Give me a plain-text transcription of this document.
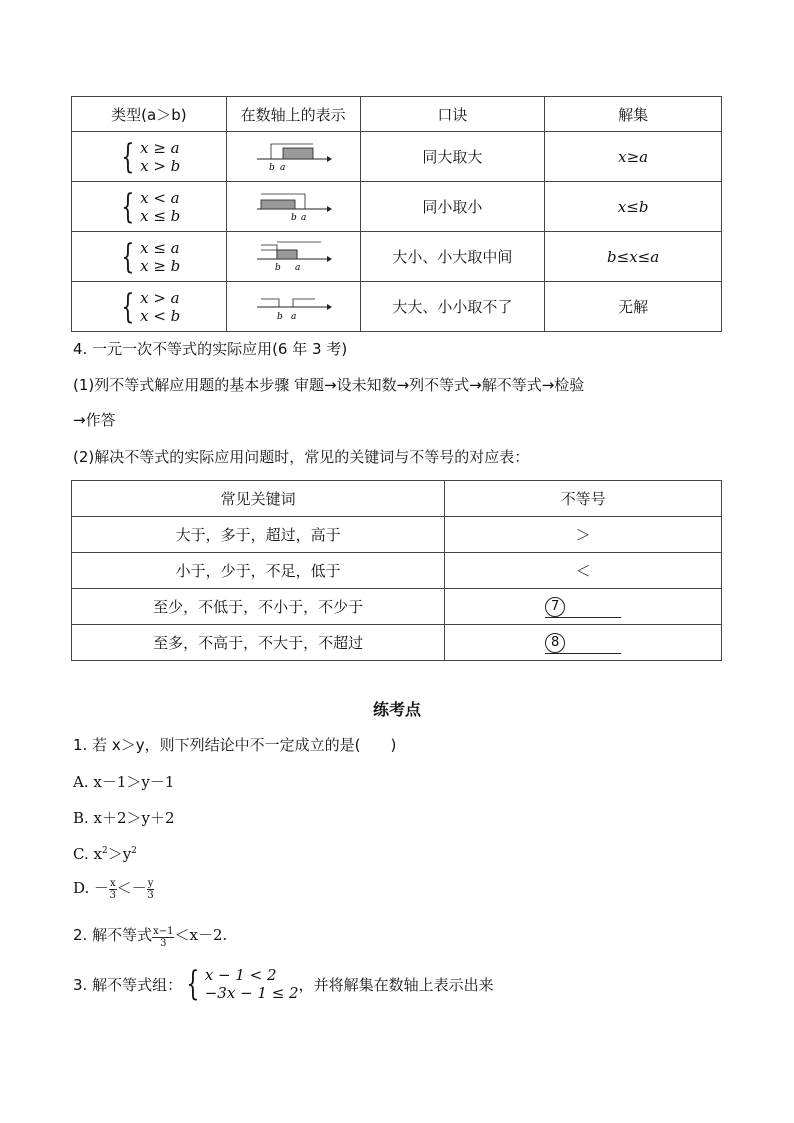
类型(a＞b)	在数轴上的表示	口诀	解集

{ x ≥ a
x > b	b a	同大取大	x≥a

{ x < a
x ≤ b	b a	同小取小	x≤b

{ x ≤ a
x ≥ b	b a	大小、小大取中间	b≤x≤a

{ x > a
x < b	b a	大大、小小取不了	无解
4. 一元一次不等式的实际应用(6 年 3 考)
(1)列不等式解应用题的基本步骤 审题→设未知数→列不等式→解不等式→检验
→作答
(2)解决不等式的实际应用问题时，常见的关键词与不等号的对应表：
常见关键词	不等号
大于，多于，超过，高于	＞
小于，少于，不足，低于	＜
至少，不低于，不小于，不少于	7
至多，不高于，不大于，不超过	8
练考点
1. 若 x＞y，则下列结论中不一定成立的是(　　)
A. x－1＞y－1
B. x＋2＞y＋2
C. $x^2>y^2$
D. － $\frac{x}{3} <- \frac{y}{3}$
2. 解不等式 $\frac{x-1}{3} <x-2$.
3. 解不等式组： { x − 1 < 2
−3x − 1 ≤ 2 ，并将解集在数轴上表示出来
